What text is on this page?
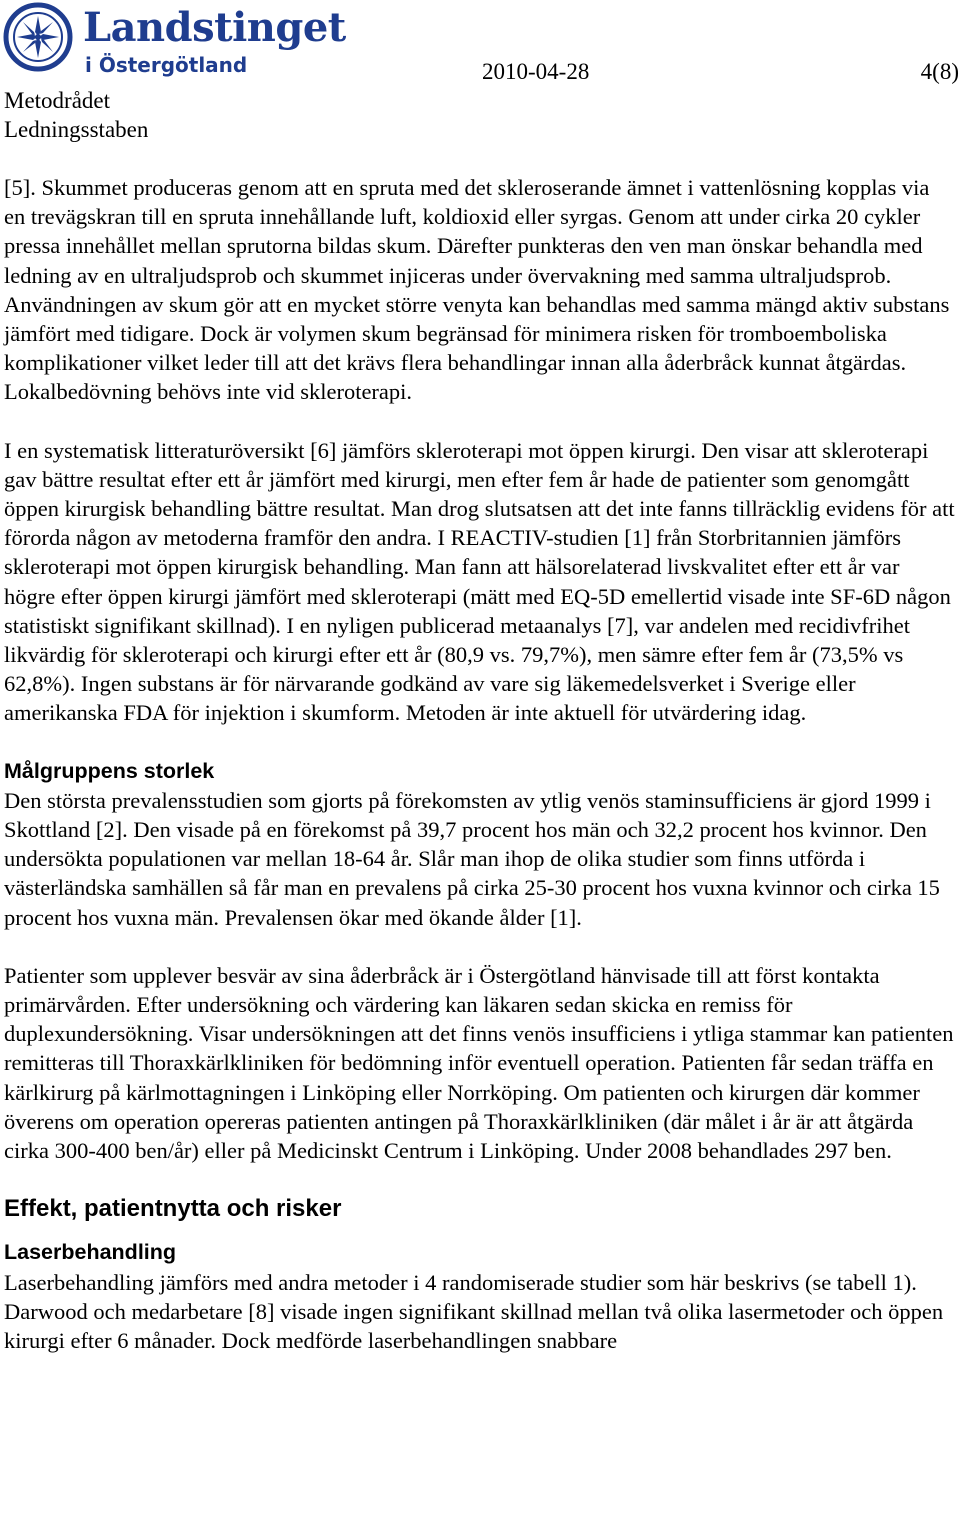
Landstinget
i Östergötland	2010-04-28	4(8)
Metodrådet
Ledningsstaben

[5]. Skummet produceras genom att en spruta med det skleroserande ämnet i vattenlösning kopplas via en trevägskran till en spruta innehållande luft, koldioxid eller syrgas. Genom att under cirka 20 cykler pressa innehållet mellan sprutorna bildas skum. Därefter punkteras den ven man önskar behandla med ledning av en ultraljudsprob och skummet injiceras under övervakning med samma ultraljudsprob. Användningen av skum gör att en mycket större venyta kan behandlas med samma mängd aktiv substans jämfört med tidigare. Dock är volymen skum begränsad för minimera risken för tromboemboliska komplikationer vilket leder till att det krävs flera behandlingar innan alla åderbråck kunnat åtgärdas. Lokalbedövning behövs inte vid skleroterapi.

I en systematisk litteraturöversikt [6] jämförs skleroterapi mot öppen kirurgi. Den visar att skleroterapi gav bättre resultat efter ett år jämfört med kirurgi, men efter fem år hade de patienter som genomgått öppen kirurgisk behandling bättre resultat. Man drog slutsatsen att det inte fanns tillräcklig evidens för att förorda någon av metoderna framför den andra. I REACTIV-studien [1] från Storbritannien jämförs skleroterapi mot öppen kirurgisk behandling. Man fann att hälsorelaterad livskvalitet efter ett år var högre efter öppen kirurgi jämfört med skleroterapi (mätt med EQ-5D emellertid visade inte SF-6D någon statistiskt signifikant skillnad). I en nyligen publicerad metaanalys [7], var andelen med recidivfrihet likvärdig för skleroterapi och kirurgi efter ett år (80,9 vs. 79,7%), men sämre efter fem år (73,5% vs 62,8%). Ingen substans är för närvarande godkänd av vare sig läkemedelsverket i Sverige eller amerikanska FDA för injektion i skumform. Metoden är inte aktuell för utvärdering idag.

Målgruppens storlek

Den största prevalensstudien som gjorts på förekomsten av ytlig venös staminsufficiens är gjord 1999 i Skottland [2]. Den visade på en förekomst på 39,7 procent hos män och 32,2 procent hos kvinnor. Den undersökta populationen var mellan 18-64 år. Slår man ihop de olika studier som finns utförda i västerländska samhällen så får man en prevalens på cirka 25-30 procent hos vuxna kvinnor och cirka 15 procent hos vuxna män. Prevalensen ökar med ökande ålder [1].

Patienter som upplever besvär av sina åderbråck är i Östergötland hänvisade till att först kontakta primärvården. Efter undersökning och värdering kan läkaren sedan skicka en remiss för duplexundersökning. Visar undersökningen att det finns venös insufficiens i ytliga stammar kan patienten remitteras till Thoraxkärlkliniken för bedömning inför eventuell operation. Patienten får sedan träffa en kärlkirurg på kärlmottagningen i Linköping eller Norrköping. Om patienten och kirurgen där kommer överens om operation opereras patienten antingen på Thoraxkärlkliniken (där målet i år är att åtgärda cirka 300-400 ben/år) eller på Medicinskt Centrum i Linköping. Under 2008 behandlades 297 ben.

Effekt, patientnytta och risker
Laserbehandling

Laserbehandling jämförs med andra metoder i 4 randomiserade studier som här beskrivs (se tabell 1). Darwood och medarbetare [8] visade ingen signifikant skillnad mellan två olika lasermetoder och öppen kirurgi efter 6 månader. Dock medförde laserbehandlingen snabbare
